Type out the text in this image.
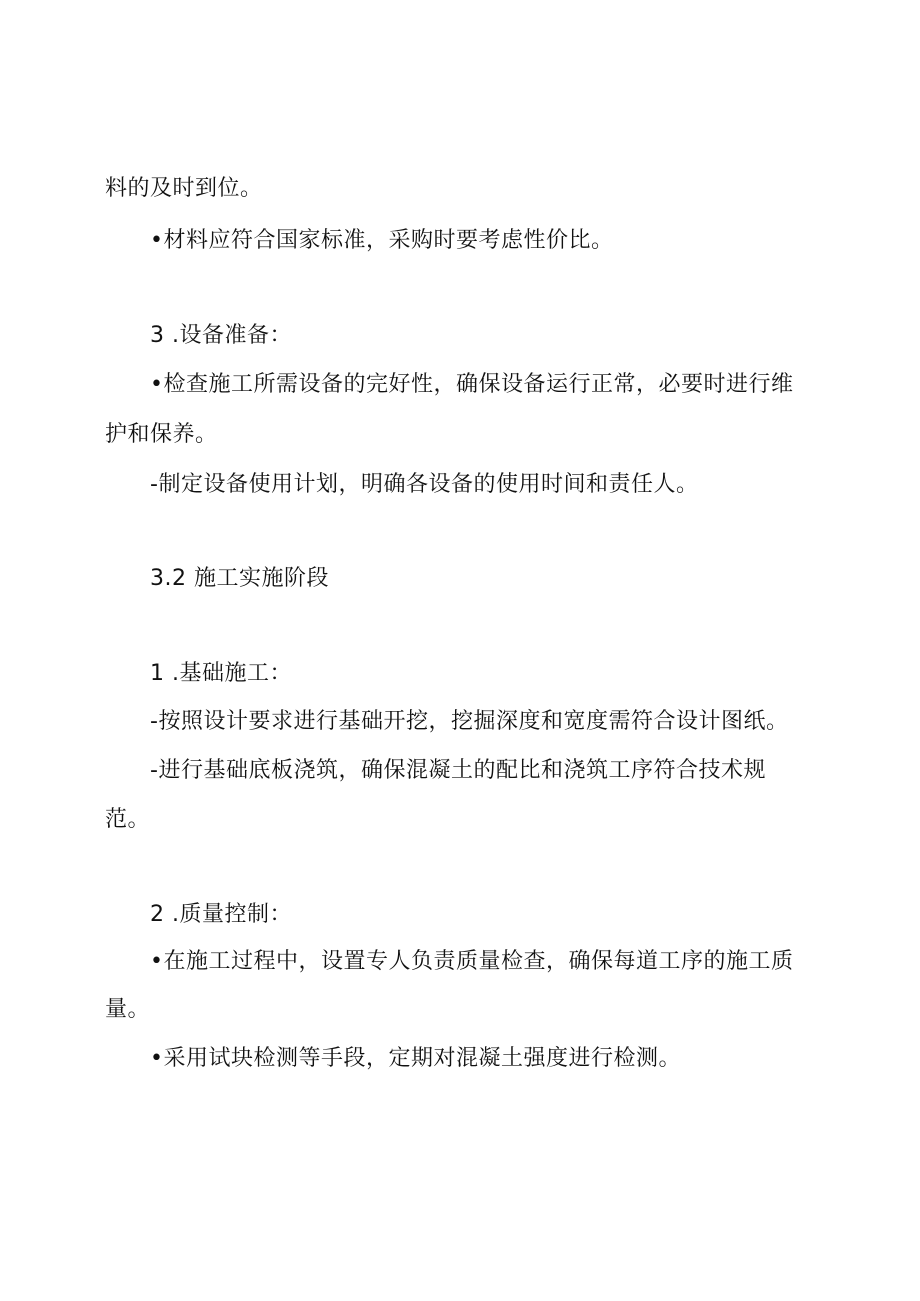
料的及时到位。
•材料应符合国家标准，采购时要考虑性价比。
3 .设备准备：
•检查施工所需设备的完好性，确保设备运行正常，必要时进行维
护和保养。
-制定设备使用计划，明确各设备的使用时间和责任人。
3.2 施工实施阶段
1 .基础施工：
-按照设计要求进行基础开挖，挖掘深度和宽度需符合设计图纸。
-进行基础底板浇筑，确保混凝土的配比和浇筑工序符合技术规
范。
2 .质量控制：
•在施工过程中，设置专人负责质量检查，确保每道工序的施工质
量。
•采用试块检测等手段，定期对混凝土强度进行检测。
